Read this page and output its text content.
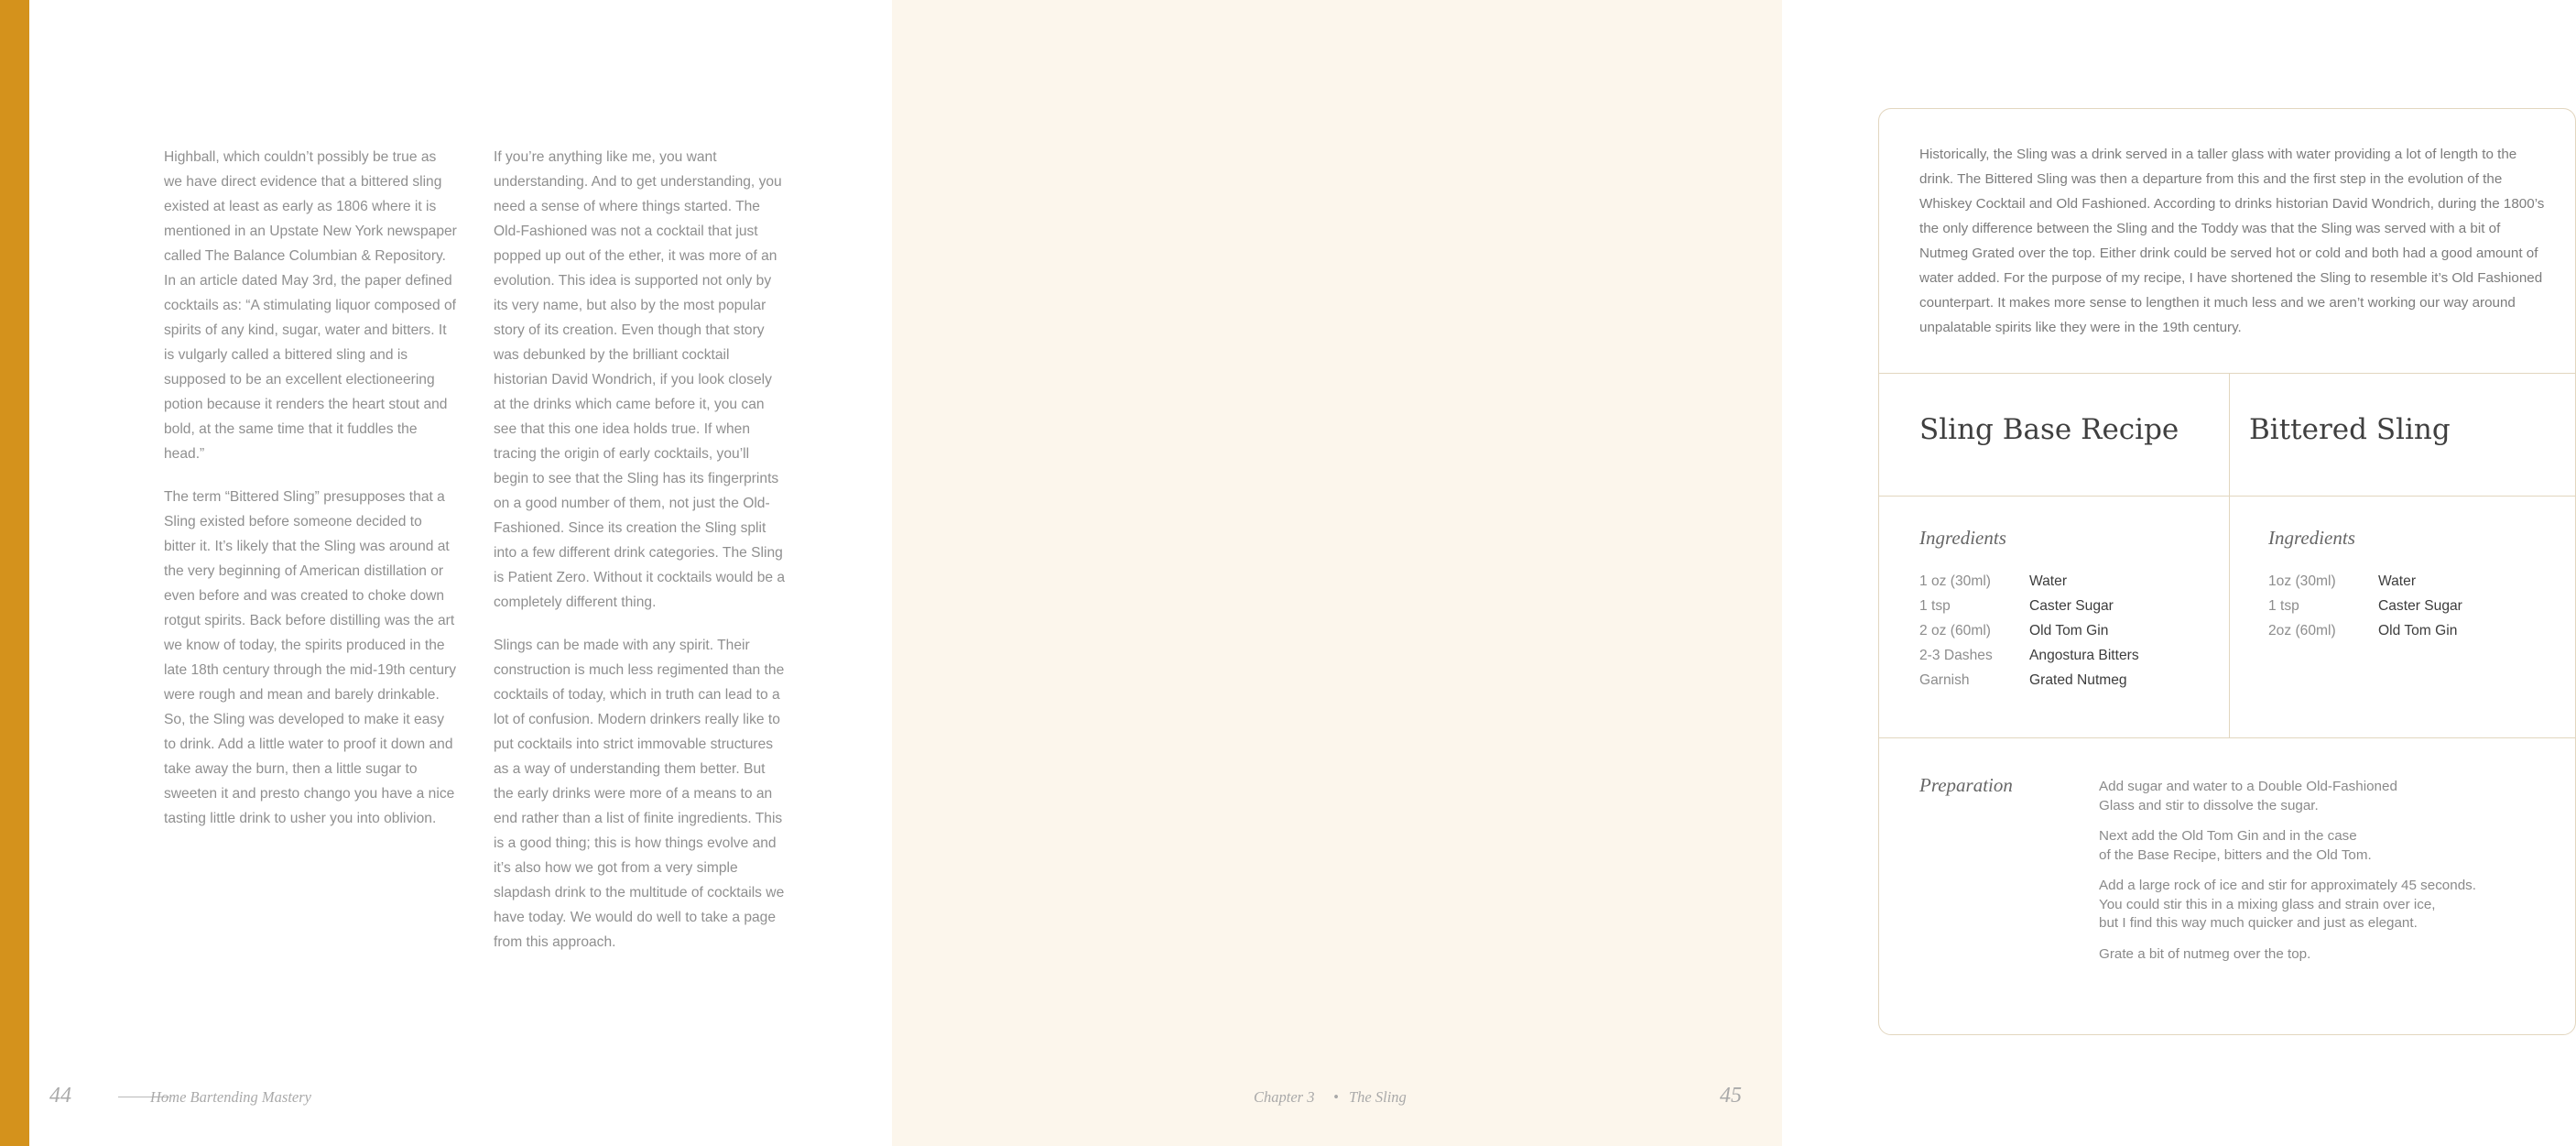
Highball, which couldn’t possibly be true as we have direct evidence that a bittered sling existed at least as early as 1806 where it is mentioned in an Upstate New York newspaper called The Balance Columbian & Repository. In an article dated May 3rd, the paper defined cocktails as: “A stimulating liquor composed of spirits of any kind, sugar, water and bitters. It is vulgarly called a bittered sling and is supposed to be an excellent electioneering potion because it renders the heart stout and bold, at the same time that it fuddles the head.”

The term “Bittered Sling” presupposes that a Sling existed before someone decided to bitter it. It’s likely that the Sling was around at the very beginning of American distillation or even before and was created to choke down rotgut spirits. Back before distilling was the art we know of today, the spirits produced in the late 18th century through the mid-19th century were rough and mean and barely drinkable. So, the Sling was developed to make it easy to drink. Add a little water to proof it down and take away the burn, then a little sugar to sweeten it and presto chango you have a nice tasting little drink to usher you into oblivion.

If you’re anything like me, you want understanding. And to get understanding, you need a sense of where things started. The Old-Fashioned was not a cocktail that just popped up out of the ether, it was more of an evolution. This idea is supported not only by its very name, but also by the most popular story of its creation. Even though that story was debunked by the brilliant cocktail historian David Wondrich, if you look closely at the drinks which came before it, you can see that this one idea holds true. If when tracing the origin of early cocktails, you’ll begin to see that the Sling has its fingerprints on a good number of them, not just the Old-Fashioned. Since its creation the Sling split into a few different drink categories. The Sling is Patient Zero. Without it cocktails would be a completely different thing.

Slings can be made with any spirit. Their construction is much less regimented than the cocktails of today, which in truth can lead to a lot of confusion. Modern drinkers really like to put cocktails into strict immovable structures as a way of understanding them better. But the early drinks were more of a means to an end rather than a list of finite ingredients. This is a good thing; this is how things evolve and it’s also how we got from a very simple slapdash drink to the multitude of cocktails we have today. We would do well to take a page from this approach.

44	Home Bartending Mastery
Historically, the Sling was a drink served in a taller glass with water providing a lot of length to the drink. The Bittered Sling was then a departure from this and the first step in the evolution of the Whiskey Cocktail and Old Fashioned. According to drinks historian David Wondrich, during the 1800’s the only difference between the Sling and the Toddy was that the Sling was served with a bit of Nutmeg Grated over the top. Either drink could be served hot or cold and both had a good amount of water added. For the purpose of my recipe, I have shortened the Sling to resemble it’s Old Fashioned counterpart. It makes more sense to lengthen it much less and we aren’t working our way around unpalatable spirits like they were in the 19th century.
Sling Base Recipe Bittered Sling
Ingredients	Ingredients
1 oz (30ml)	Water
1 tsp	Caster Sugar
2 oz (60ml)	Old Tom Gin
2-3 Dashes	Angostura Bitters
Garnish	Grated Nutmeg
1oz (30ml)	Water
1 tsp	Caster Sugar
2oz (60ml)	Old Tom Gin
Preparation	Add sugar and water to a Double Old-Fashioned
Glass and stir to dissolve the sugar.

Next add the Old Tom Gin and in the case
of the Base Recipe, bitters and the Old Tom.

Add a large rock of ice and stir for approximately 45 seconds.
You could stir this in a mixing glass and strain over ice,
but I find this way much quicker and just as elegant.

Grate a bit of nutmeg over the top.

Chapter 3 • The Sling	45
